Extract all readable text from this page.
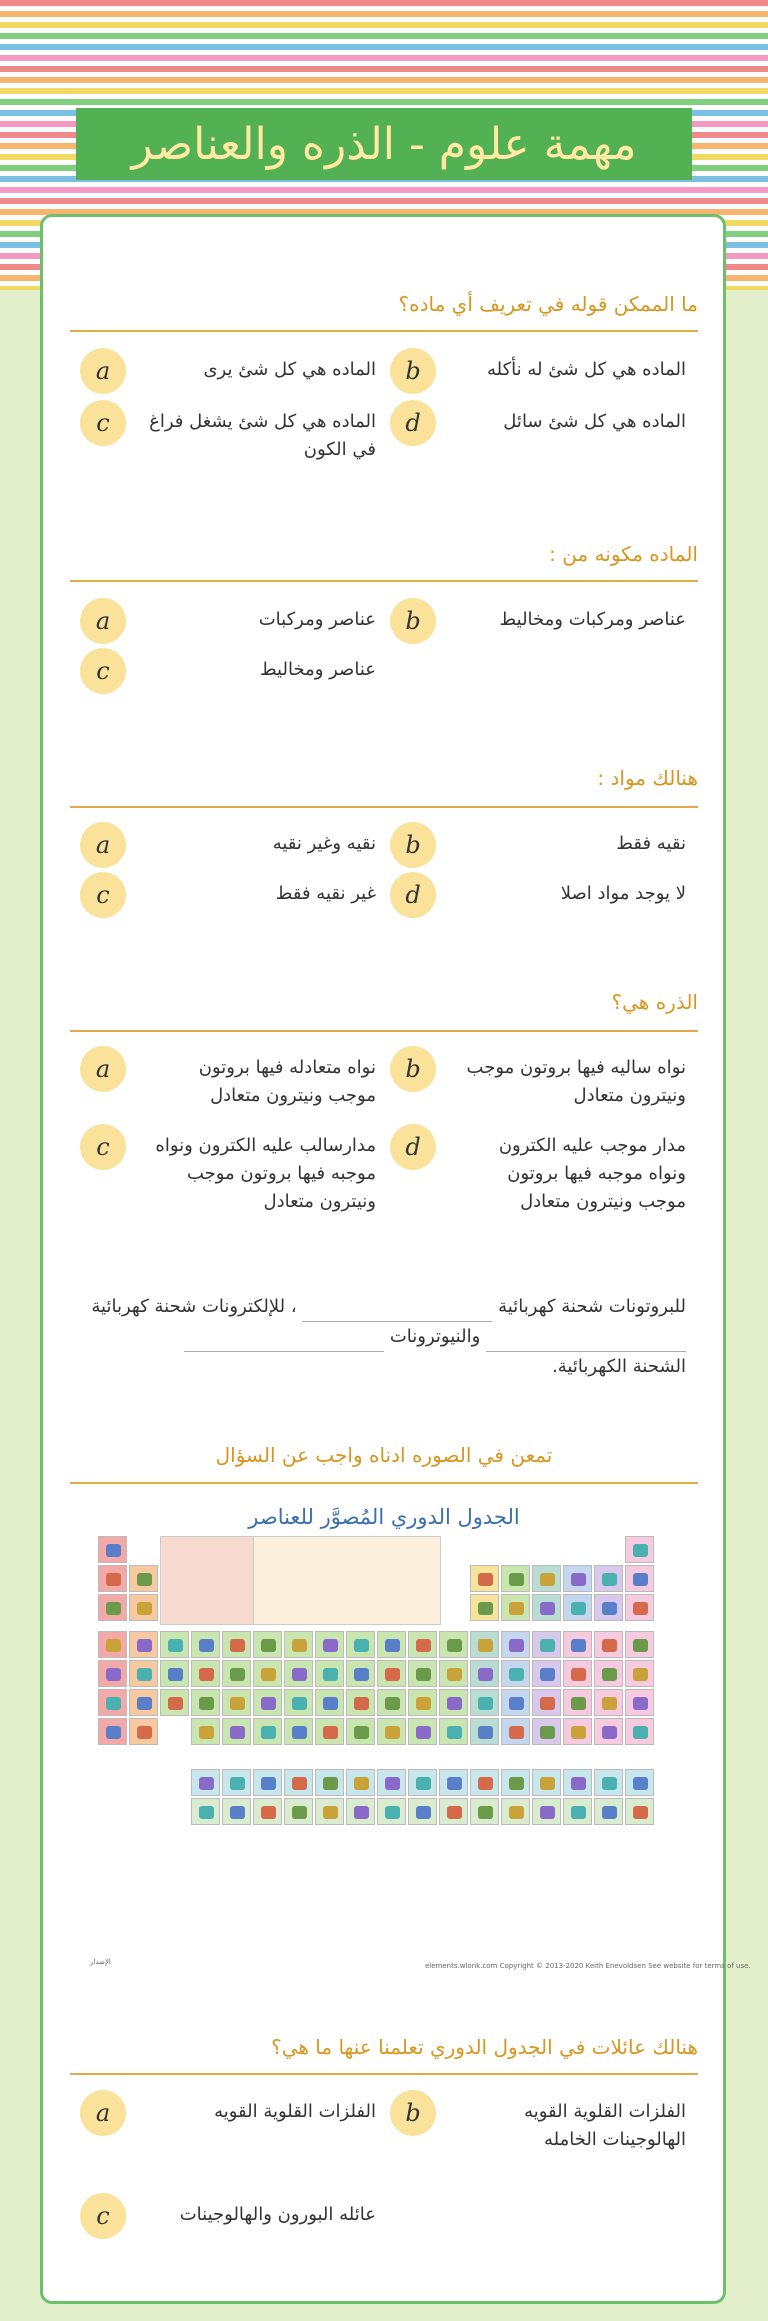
مهمة علوم - الذره والعناصر
ما الممكن قوله في تعريف أي ماده؟
b	الماده هي كل شئ له نأكله
a	الماده هي كل شئ يرى
d	الماده هي كل شئ سائل
c	الماده هي كل شئ يشغل فراغ في الكون
الماده مكونه من :
b	عناصر ومركبات ومخاليط
a	عناصر ومركبات
c	عناصر ومخاليط
هنالك مواد :
b	نقيه فقط
a	نقيه وغير نقيه
d	لا يوجد مواد اصلا
c	غير نقيه فقط
الذره هي؟
b	نواه ساليه فيها بروتون موجب ونيترون متعادل
a	نواه متعادله فيها بروتون موجب ونيترون متعادل
d	مدار موجب عليه الكترون ونواه موجبه فيها بروتون موجب ونيترون متعادل
c	مدارسالب عليه الكترون ونواه موجبه فيها بروتون موجب ونيترون متعادل
للبروتونات شحنة كهربائية  ، للإلكترونات شحنة كهربائية
والنيوترونات
الشحنة الكهربائية.
تمعن في الصوره ادناه واجب عن السؤال
الجدول الدوري المُصوَّر للعناصر
elements.wlonk.com Copyright © 2013-2020 Keith Enevoldsen See website for terms of use.
الإصدار
هنالك عائلات في الجدول الدوري تعلمنا عنها ما هي؟
b	الفلزات القلوية القويه الهالوجينات الخامله
a	الفلزات القلوية القويه
c	عائله البورون والهالوجينات
